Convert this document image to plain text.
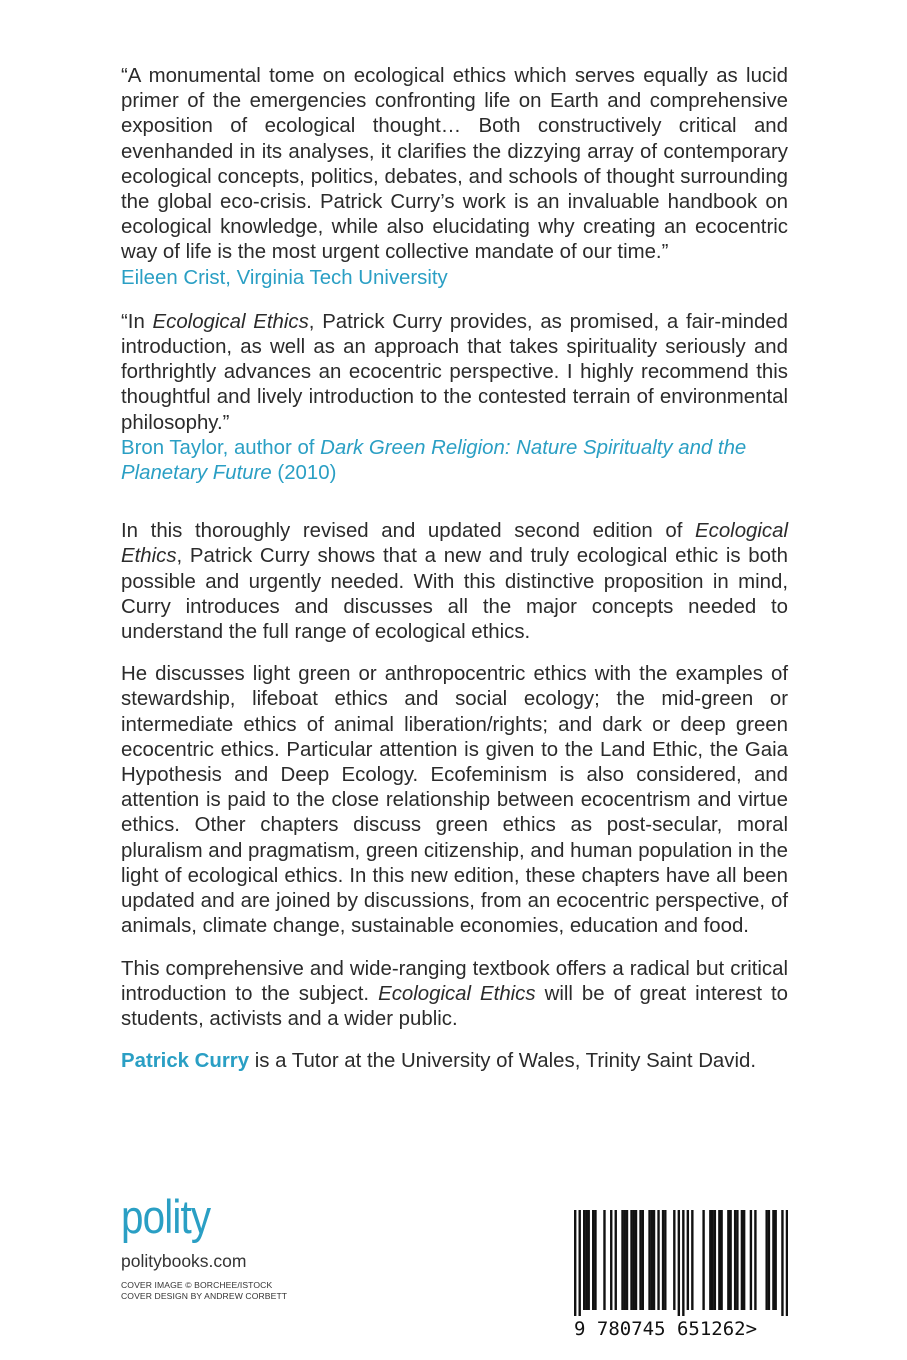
“A monumental tome on ecological ethics which serves equally as lucid primer of the emergencies confronting life on Earth and comprehensive exposition of ecological thought… Both constructively critical and evenhanded in its analyses, it clarifies the dizzying array of contemporary ecological concepts, politics, debates, and schools of thought surrounding the global eco-crisis. Patrick Curry’s work is an invaluable handbook on ecological knowledge, while also elucidating why creating an ecocentric way of life is the most urgent collective mandate of our time.”

Eileen Crist, Virginia Tech University

“In Ecological Ethics, Patrick Curry provides, as promised, a fair-minded introduction, as well as an approach that takes spirituality seriously and forthrightly advances an ecocentric perspective. I highly recommend this thoughtful and lively introduction to the contested terrain of environmental philosophy.”

Bron Taylor, author of Dark Green Religion: Nature Spiritualty and the Planetary Future (2010)

In this thoroughly revised and updated second edition of Ecological Ethics, Patrick Curry shows that a new and truly ecological ethic is both possible and urgently needed. With this distinctive proposition in mind, Curry introduces and discusses all the major concepts needed to understand the full range of ecological ethics.

He discusses light green or anthropocentric ethics with the examples of stewardship, lifeboat ethics and social ecology; the mid-green or intermediate ethics of animal liberation/rights; and dark or deep green ecocentric ethics. Particular attention is given to the Land Ethic, the Gaia Hypothesis and Deep Ecology. Ecofeminism is also considered, and attention is paid to the close relationship between ecocentrism and virtue ethics. Other chapters discuss green ethics as post-secular, moral pluralism and pragmatism, green citizenship, and human population in the light of ecological ethics. In this new edition, these chapters have all been updated and are joined by discussions, from an ecocentric perspective, of animals, climate change, sustainable economies, education and food.

This comprehensive and wide-ranging textbook offers a radical but critical introduction to the subject. Ecological Ethics will be of great interest to students, activists and a wider public.

Patrick Curry is a Tutor at the University of Wales, Trinity Saint David.

polity

politybooks.com

COVER IMAGE © BORCHEE/ISTOCK

COVER DESIGN BY ANDREW CORBETT

9 780745 651262>
